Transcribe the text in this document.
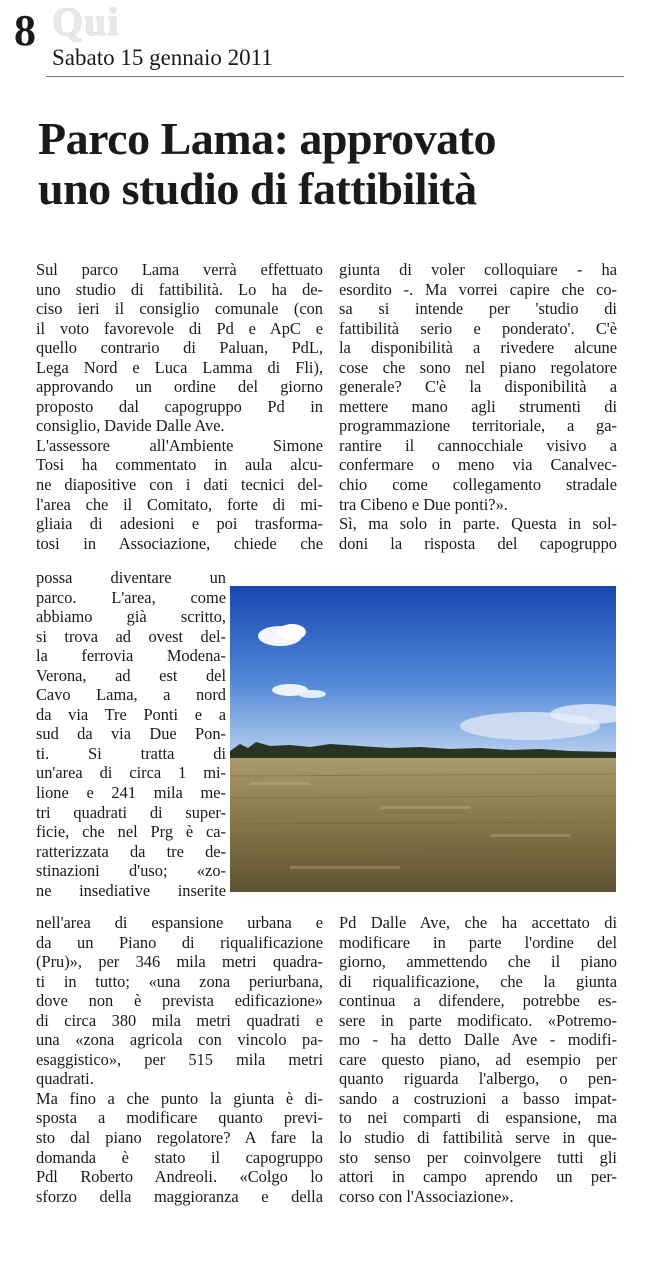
8 Qui
Sabato 15 gennaio 2011
Parco Lama: approvato
uno studio di fattibilità
Sul parco Lama verrà effettuato
uno studio di fattibilità. Lo ha de-
ciso ieri il consiglio comunale (con
il voto favorevole di Pd e ApC e
quello contrario di Paluan, PdL,
Lega Nord e Luca Lamma di Fli),
approvando un ordine del giorno
proposto dal capogruppo Pd in
consiglio, Davide Dalle Ave.
L'assessore all'Ambiente Simone
Tosi ha commentato in aula alcu-
ne diapositive con i dati tecnici del-
l'area che il Comitato, forte di mi-
gliaia di adesioni e poi trasforma-
tosi in Associazione, chiede che
possa diventare un
parco. L'area, come
abbiamo già scritto,
si trova ad ovest del-
la ferrovia Modena-
Verona, ad est del
Cavo Lama, a nord
da via Tre Ponti e a
sud da via Due Pon-
ti. Si tratta di
un'area di circa 1 mi-
lione e 241 mila me-
tri quadrati di super-
ficie, che nel Prg è ca-
ratterizzata da tre de-
stinazioni d'uso; «zo-
ne insediative inserite
nell'area di espansione urbana e
da un Piano di riqualificazione
(Pru)», per 346 mila metri quadra-
ti in tutto; «una zona periurbana,
dove non è prevista edificazione»
di circa 380 mila metri quadrati e
una «zona agricola con vincolo pa-
esaggistico», per 515 mila metri
quadrati.
Ma fino a che punto la giunta è di-
sposta a modificare quanto previ-
sto dal piano regolatore? A fare la
domanda è stato il capogruppo
Pdl Roberto Andreoli. «Colgo lo
sforzo della maggioranza e della
giunta di voler colloquiare - ha
esordito -. Ma vorrei capire che co-
sa si intende per 'studio di
fattibilità serio e ponderato'. C'è
la disponibilità a rivedere alcune
cose che sono nel piano regolatore
generale? C'è la disponibilità a
mettere mano agli strumenti di
programmazione territoriale, a ga-
rantire il cannocchiale visivo a
confermare o meno via Canalvec-
chio come collegamento stradale
tra Cibeno e Due ponti?».
Sì, ma solo in parte. Questa in sol-
doni la risposta del capogruppo
Pd Dalle Ave, che ha accettato di
modificare in parte l'ordine del
giorno, ammettendo che il piano
di riqualificazione, che la giunta
continua a difendere, potrebbe es-
sere in parte modificato. «Potremo-
mo - ha detto Dalle Ave - modifi-
care questo piano, ad esempio per
quanto riguarda l'albergo, o pen-
sando a costruzioni a basso impat-
to nei comparti di espansione, ma
lo studio di fattibilità serve in que-
sto senso per coinvolgere tutti gli
attori in campo aprendo un per-
corso con l'Associazione».
